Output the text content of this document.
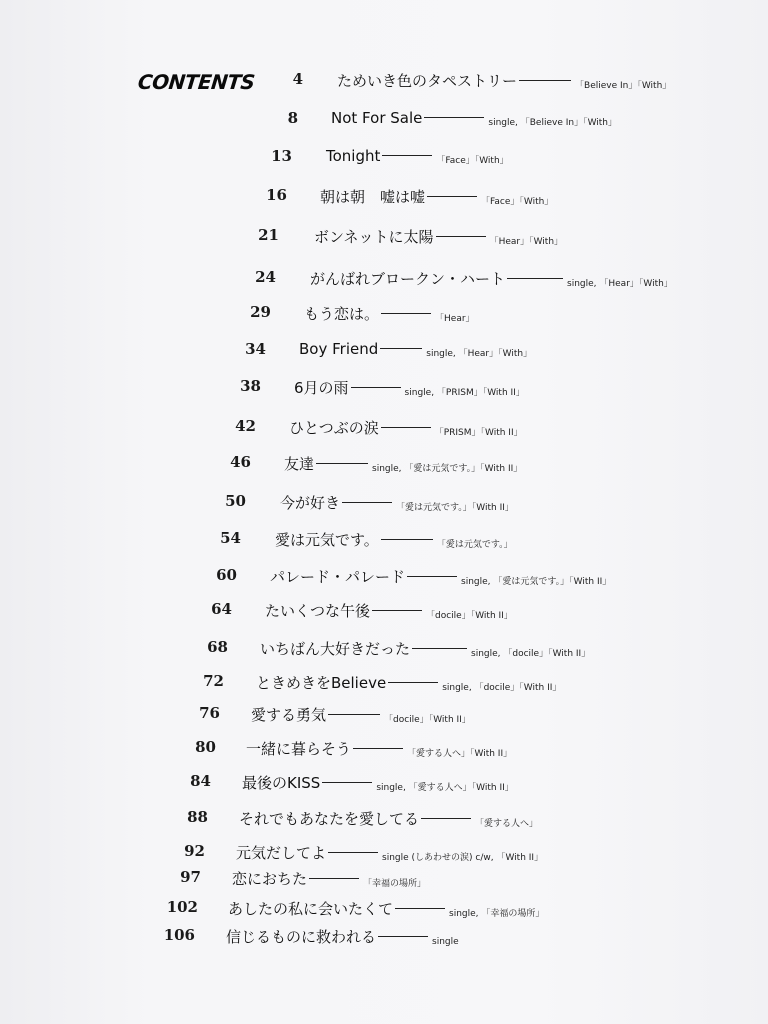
CONTENTS	4 ためいき色のタペストリー	「Believe In」「With」
8 Not For Sale	single, 「Believe In」「With」
13 Tonight	「Face」「With」
16 朝は朝　嘘は嘘	「Face」「With」
21 ボンネットに太陽	「Hear」「With」
24 がんばれブロークン・ハート	single, 「Hear」「With」
29 もう恋は。	「Hear」
34 Boy Friend	single, 「Hear」「With」
38 6月の雨	single, 「PRISM」「With II」
42 ひとつぶの涙	「PRISM」「With II」
46 友達	single, 「愛は元気です。」「With II」
50 今が好き	「愛は元気です。」「With II」
54 愛は元気です。	「愛は元気です。」
60 パレード・パレード	single, 「愛は元気です。」「With II」
64 たいくつな午後	「docile」「With II」
68 いちばん大好きだった	single, 「docile」「With II」
72 ときめきをBelieve	single, 「docile」「With II」
76 愛する勇気	「docile」「With II」
80 一緒に暮らそう	「愛する人へ」「With II」
84 最後のKISS	single, 「愛する人へ」「With II」
88 それでもあなたを愛してる	「愛する人へ」
92 元気だしてよ	single (しあわせの涙) c/w, 「With II」
97 恋におちた	「幸福の場所」
102 あしたの私に会いたくて	single, 「幸福の場所」
106 信じるものに救われる	single
